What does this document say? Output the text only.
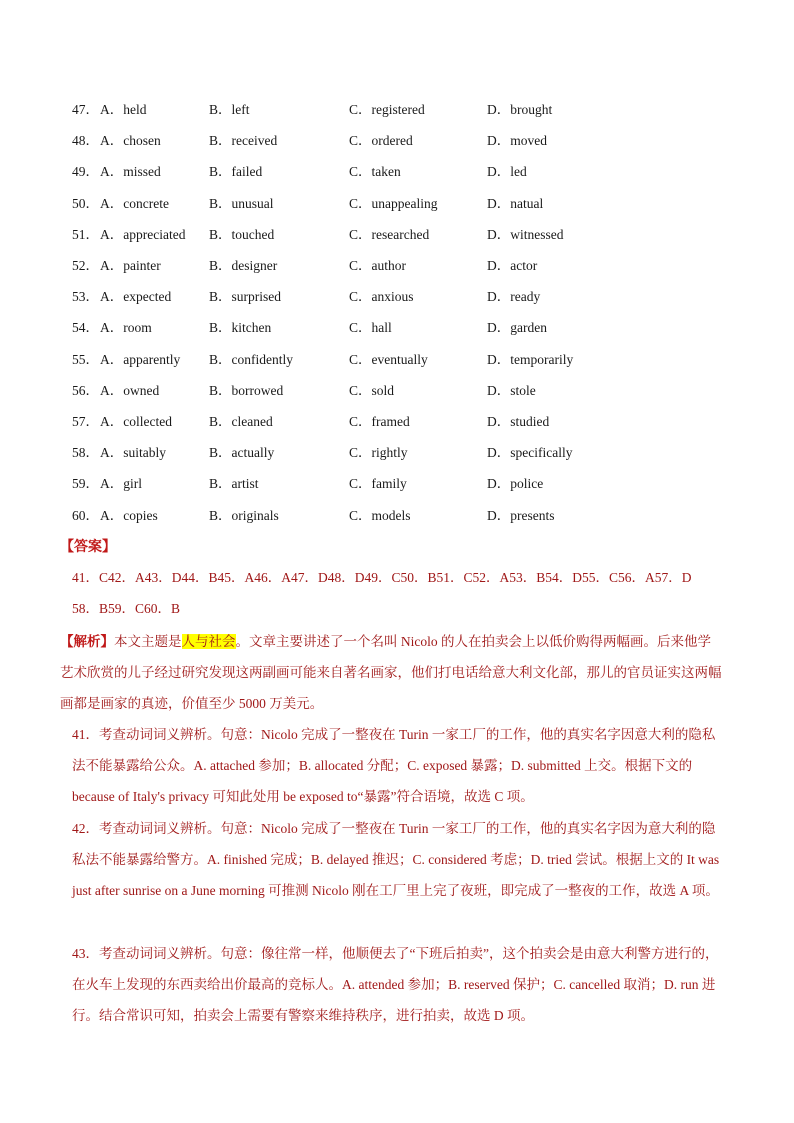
47． A．held	B．left	C．registered	D．brought
48． A．chosen	B．received	C．ordered	D．moved
49． A．missed	B．failed	C．taken	D．led
50． A．concrete	B．unusual	C．unappealing	D．natual
51． A．appreciated B．touched	C．researched	D．witnessed
52． A．painter	B．designer	C．author	D．actor
53． A．expected	B．surprised	C．anxious	D．ready
54． A．room	B．kitchen	C．hall	D．garden
55． A．apparently B．confidently	C．eventually	D．temporarily
56． A．owned	B．borrowed	C．sold	D．stole
57． A．collected	B．cleaned	C．framed	D．studied
58． A．suitably	B．actually	C．rightly	D．specifically
59． A．girl	B．artist	C．family	D．police
60． A．copies	B．originals	C．models	D．presents
【答案】
41．C42．A43．D44．B45．A46．A47．D48．D49．C50．B51．C52．A53．B54．D55．C56．A57．D
58．B59．C60．B
【解析】本文主题是人与社会。文章主要讲述了一个名叫 Nicolo 的人在拍卖会上以低价购得两幅画。后来他学艺术欣赏的儿子经过研究发现这两副画可能来自著名画家，他们打电话给意大利文化部，那儿的官员证实这两幅画都是画家的真迹，价值至少 5000 万美元。
41．考查动词词义辨析。句意：Nicolo 完成了一整夜在 Turin 一家工厂的工作，他的真实名字因意大利的隐私法不能暴露给公众。A. attached 参加；B. allocated 分配；C. exposed 暴露；D. submitted 上交。根据下文的 because of Italy's privacy 可知此处用 be exposed to“暴露”符合语境，故选 C 项。
42．考查动词词义辨析。句意：Nicolo 完成了一整夜在 Turin 一家工厂的工作，他的真实名字因为意大利的隐私法不能暴露给警方。A. finished 完成；B. delayed 推迟；C. considered 考虑；D. tried 尝试。根据上文的 It was just after sunrise on a June morning 可推测 Nicolo 刚在工厂里上完了夜班，即完成了一整夜的工作，故选 A 项。
43．考查动词词义辨析。句意：像往常一样，他顺便去了“下班后拍卖”，这个拍卖会是由意大利警方进行的，在火车上发现的东西卖给出价最高的竞标人。A. attended 参加；B. reserved 保护；C. cancelled 取消；D. run 进行。结合常识可知，拍卖会上需要有警察来维持秩序，进行拍卖，故选 D 项。
